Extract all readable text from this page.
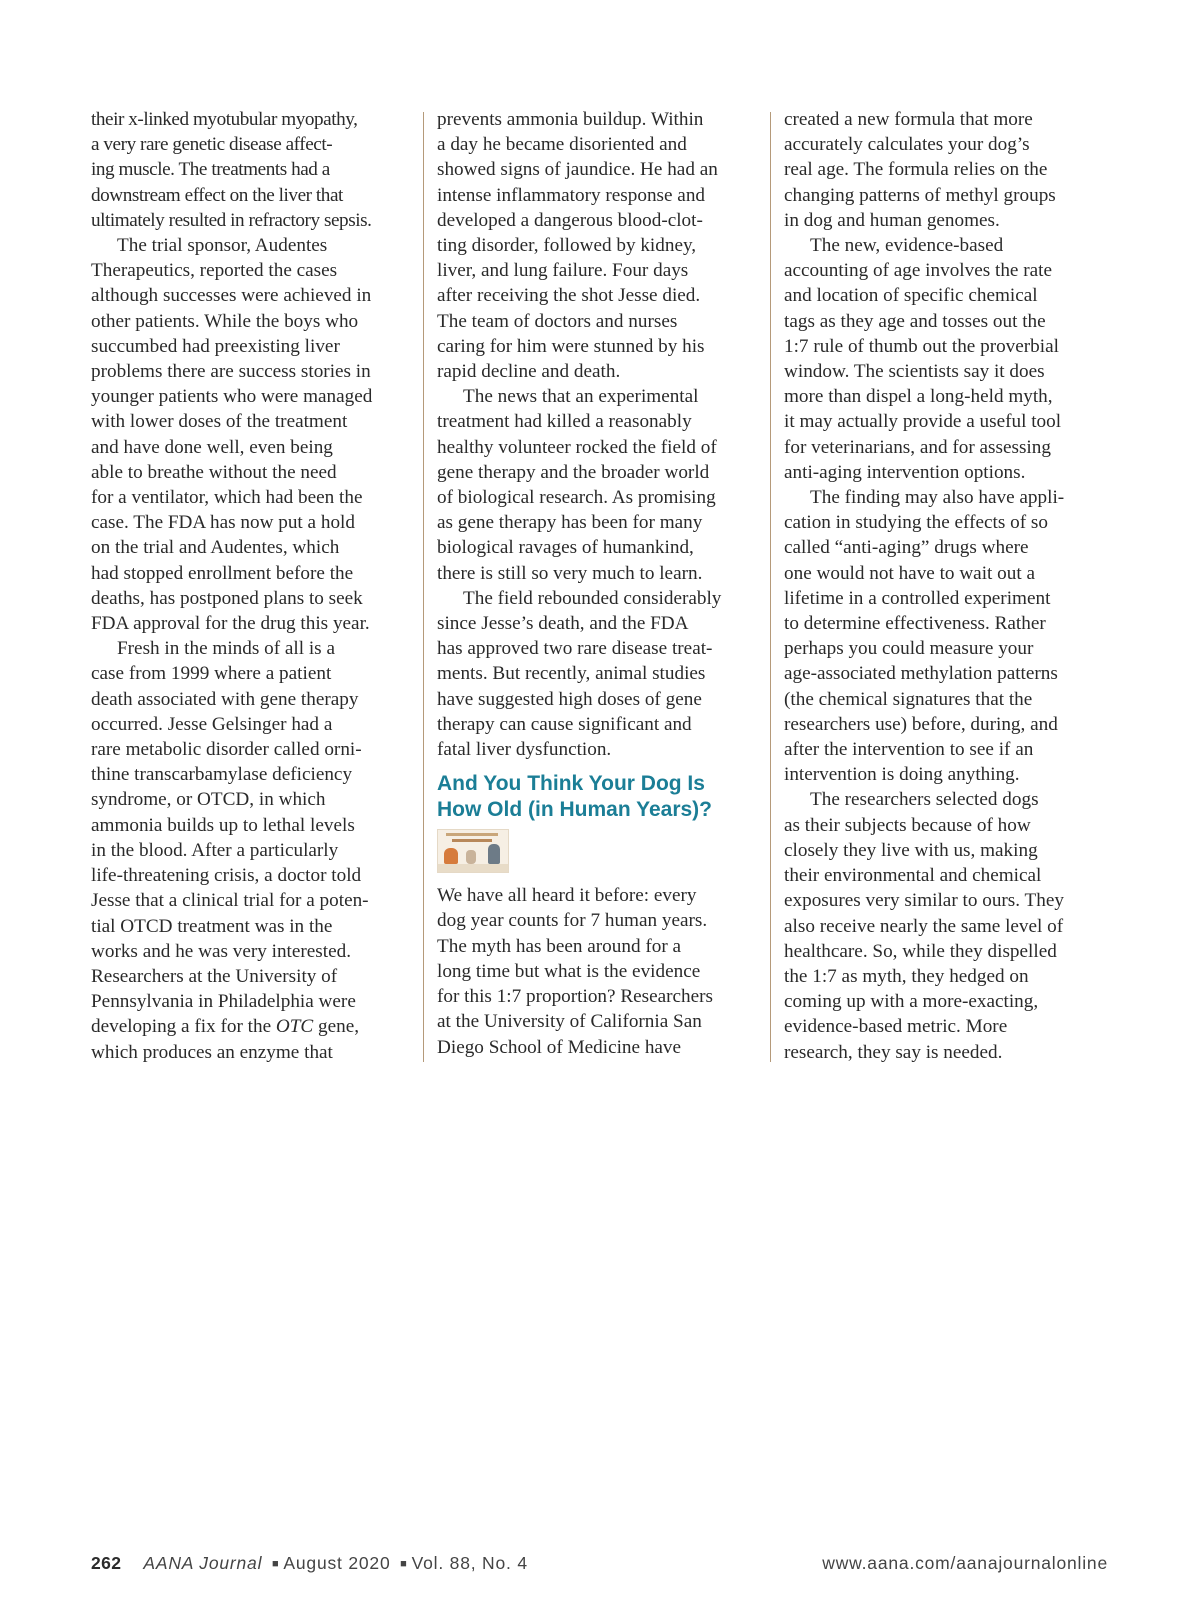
their x-linked myotubular myopathy,
a very rare genetic disease affect-
ing muscle. The treatments had a
downstream effect on the liver that
ultimately resulted in refractory sepsis.

The trial sponsor, Audentes
Therapeutics, reported the cases
although successes were achieved in
other patients. While the boys who
succumbed had preexisting liver
problems there are success stories in
younger patients who were managed
with lower doses of the treatment
and have done well, even being
able to breathe without the need
for a ventilator, which had been the
case. The FDA has now put a hold
on the trial and Audentes, which
had stopped enrollment before the
deaths, has postponed plans to seek
FDA approval for the drug this year.

Fresh in the minds of all is a
case from 1999 where a patient
death associated with gene therapy
occurred. Jesse Gelsinger had a
rare metabolic disorder called orni-
thine transcarbamylase deficiency
syndrome, or OTCD, in which
ammonia builds up to lethal levels
in the blood. After a particularly
life-threatening crisis, a doctor told
Jesse that a clinical trial for a poten-
tial OTCD treatment was in the
works and he was very interested.
Researchers at the University of
Pennsylvania in Philadelphia were
developing a fix for the OTC gene,
which produces an enzyme that

prevents ammonia buildup. Within
a day he became disoriented and
showed signs of jaundice. He had an
intense inflammatory response and
developed a dangerous blood-clot-
ting disorder, followed by kidney,
liver, and lung failure. Four days
after receiving the shot Jesse died.
The team of doctors and nurses
caring for him were stunned by his
rapid decline and death.

The news that an experimental
treatment had killed a reasonably
healthy volunteer rocked the field of
gene therapy and the broader world
of biological research. As promising
as gene therapy has been for many
biological ravages of humankind,
there is still so very much to learn.

The field rebounded considerably
since Jesse’s death, and the FDA
has approved two rare disease treat-
ments. But recently, animal studies
have suggested high doses of gene
therapy can cause significant and
fatal liver dysfunction.

And You Think Your Dog Is
How Old (in Human Years)?

We have all heard it before: every
dog year counts for 7 human years.
The myth has been around for a
long time but what is the evidence
for this 1:7 proportion? Researchers
at the University of California San
Diego School of Medicine have

created a new formula that more
accurately calculates your dog’s
real age. The formula relies on the
changing patterns of methyl groups
in dog and human genomes.

The new, evidence-based
accounting of age involves the rate
and location of specific chemical
tags as they age and tosses out the
1:7 rule of thumb out the proverbial
window. The scientists say it does
more than dispel a long-held myth,
it may actually provide a useful tool
for veterinarians, and for assessing
anti-aging intervention options.

The finding may also have appli-
cation in studying the effects of so
called “anti-aging” drugs where
one would not have to wait out a
lifetime in a controlled experiment
to determine effectiveness. Rather
perhaps you could measure your
age-associated methylation patterns
(the chemical signatures that the
researchers use) before, during, and
after the intervention to see if an
intervention is doing anything.

The researchers selected dogs
as their subjects because of how
closely they live with us, making
their environmental and chemical
exposures very similar to ours. They
also receive nearly the same level of
healthcare. So, while they dispelled
the 1:7 as myth, they hedged on
coming up with a more-exacting,
evidence-based metric. More
research, they say is needed.

262 AANA Journal ■ August 2020 ■ Vol. 88, No. 4	www.aana.com/aanajournalonline
